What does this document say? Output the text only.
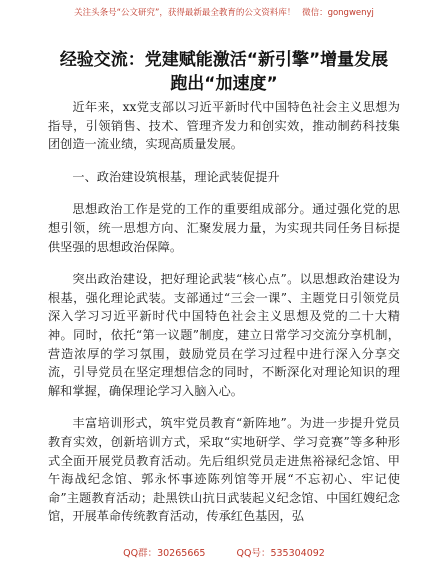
关注头条号“公文研究”，获得最新最全教育的公文资料库！ 微信：gongwenyj
经验交流：党建赋能激活“新引擎”增量发展
跑出“加速度”

近年来，xx党支部以习近平新时代中国特色社会主义思想为指导，引领销售、技术、管理齐发力和创实效，推动制药科技集团创造一流业绩，实现高质量发展。

一、政治建设筑根基，理论武装促提升

思想政治工作是党的工作的重要组成部分。通过强化党的思想引领，统一思想方向、汇聚发展力量，为实现共同任务目标提供坚强的思想政治保障。

突出政治建设，把好理论武装“核心点”。以思想政治建设为根基，强化理论武装。支部通过“三会一课”、主题党日引领党员深入学习习近平新时代中国特色社会主义思想及党的二十大精神。同时，依托“第一议题”制度，建立日常学习交流分享机制，营造浓厚的学习氛围，鼓励党员在学习过程中进行深入分享交流，引导党员在坚定理想信念的同时，不断深化对理论知识的理解和掌握，确保理论学习入脑入心。

丰富培训形式，筑牢党员教育“新阵地”。为进一步提升党员教育实效，创新培训方式，采取“实地研学、学习竞赛”等多种形式全面开展党员教育活动。先后组织党员走进焦裕禄纪念馆、甲午海战纪念馆、郭永怀事迹陈列馆等开展“不忘初心、牢记使命”主题教育活动；赴黑铁山抗日武装起义纪念馆、中国红嫂纪念馆，开展革命传统教育活动，传承红色基因，弘

QQ群：30265665	QQ号：535304092
